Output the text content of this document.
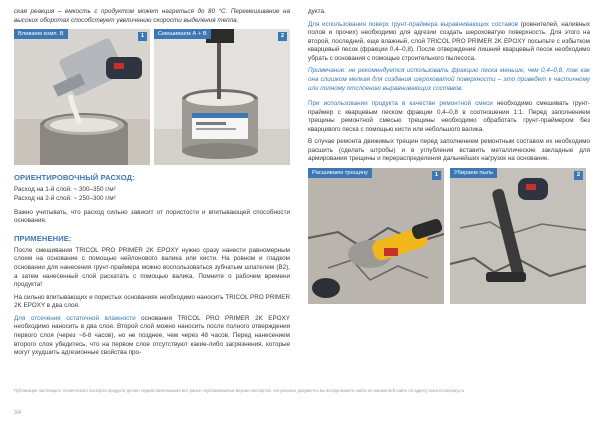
ская реакция – емкость с продуктом может нагреться до 80 °C. Перемешивание на высоких оборотах способствует увеличению скорости выделения тепла.

Вливаем комп. В	1	Смешиваем А + В	2
ОРИЕНТИРОВОЧНЫЙ РАСХОД:
Расход на 1-й слой: ~ 300–350 г/м²
Расход на 2-й слой: ~ 250–300 г/м²

Важно учитывать, что расход сильно зависит от пористости и впитывающей способности основания.

ПРИМЕНЕНИЕ:

После смешивания TRICOL PRO PRIMER 2K EPOXY нужно сразу нанести равномерным слоем на основание с помощью нейлонового валика или кисти. На ровном и гладком основании для нанесения грунт-праймера можно воспользоваться зубчатым шпателем (В2), а затем нанесенный слой раскатать с помощью валика. Помните о рабочем времени продукта!

На сильно впитывающих и пористых основаниях необходимо наносить TRICOL PRO PRIMER 2K EPOXY в два слоя.

Для отсечения остаточной влажности основания TRICOL PRO PRIMER 2K EPOXY необходимо наносить в два слоя. Второй слой можно наносить после полного отверждения первого слоя (через ~6-8 часов), но не позднее, чем через 48 часов. Перед нанесением второго слоя убедитесь, что на первом слое отсутствуют какие-либо загрязнения, которые могут ухудшить адгезионные свойства про-

дукта.

Для использования поверх грунт-праймера выравнивающих составов (ровнителей, наливных полов и прочих) необходимо для адгезии создать шероховатую поверхность. Для этого на второй, последний, еще влажный, слой TRICOL PRO PRIMER 2K EPOXY посыпьте с избытком кварцевый песок (фракции 0,4–0,8). После отверждения лишний кварцевый песок необходимо убрать с основания с помощью строительного пылесоса.

Примечание: не рекомендуется использовать фракцию песка меньше, чем 0,4–0,8, так как она слишком мелкая для создания шероховатой поверхности – это приведет к частичному или полному отслоению выравнивающих составов.

При использовании продукта в качестве ремонтной смеси необходимо смешивать грунт-праймер с кварцевым песком фракции 0,4–0,8 в соотношении 1:1. Перед заполнением трещины ремонтной смесью трещины необходимо обработать грунт-праймером без кварцевого песка с помощью кисти или небольшого валика.

В случае ремонта движимых трещин перед заполнением ремонтным составом их необходимо расшить (сделать штробы) и в углубления вставить металлические закладные для армирования трещины и перераспределения дальнейших нагрузок на основание.

Расшиваем трещину	1	Убираем пыль	2
Публикация настоящего технического паспорта продукта делает недействительными все ранее опубликованные версии паспортов. Актуальные документы вы всегда можете найти на нашем веб-сайте по адресу www.tricompany.ru
3/4
